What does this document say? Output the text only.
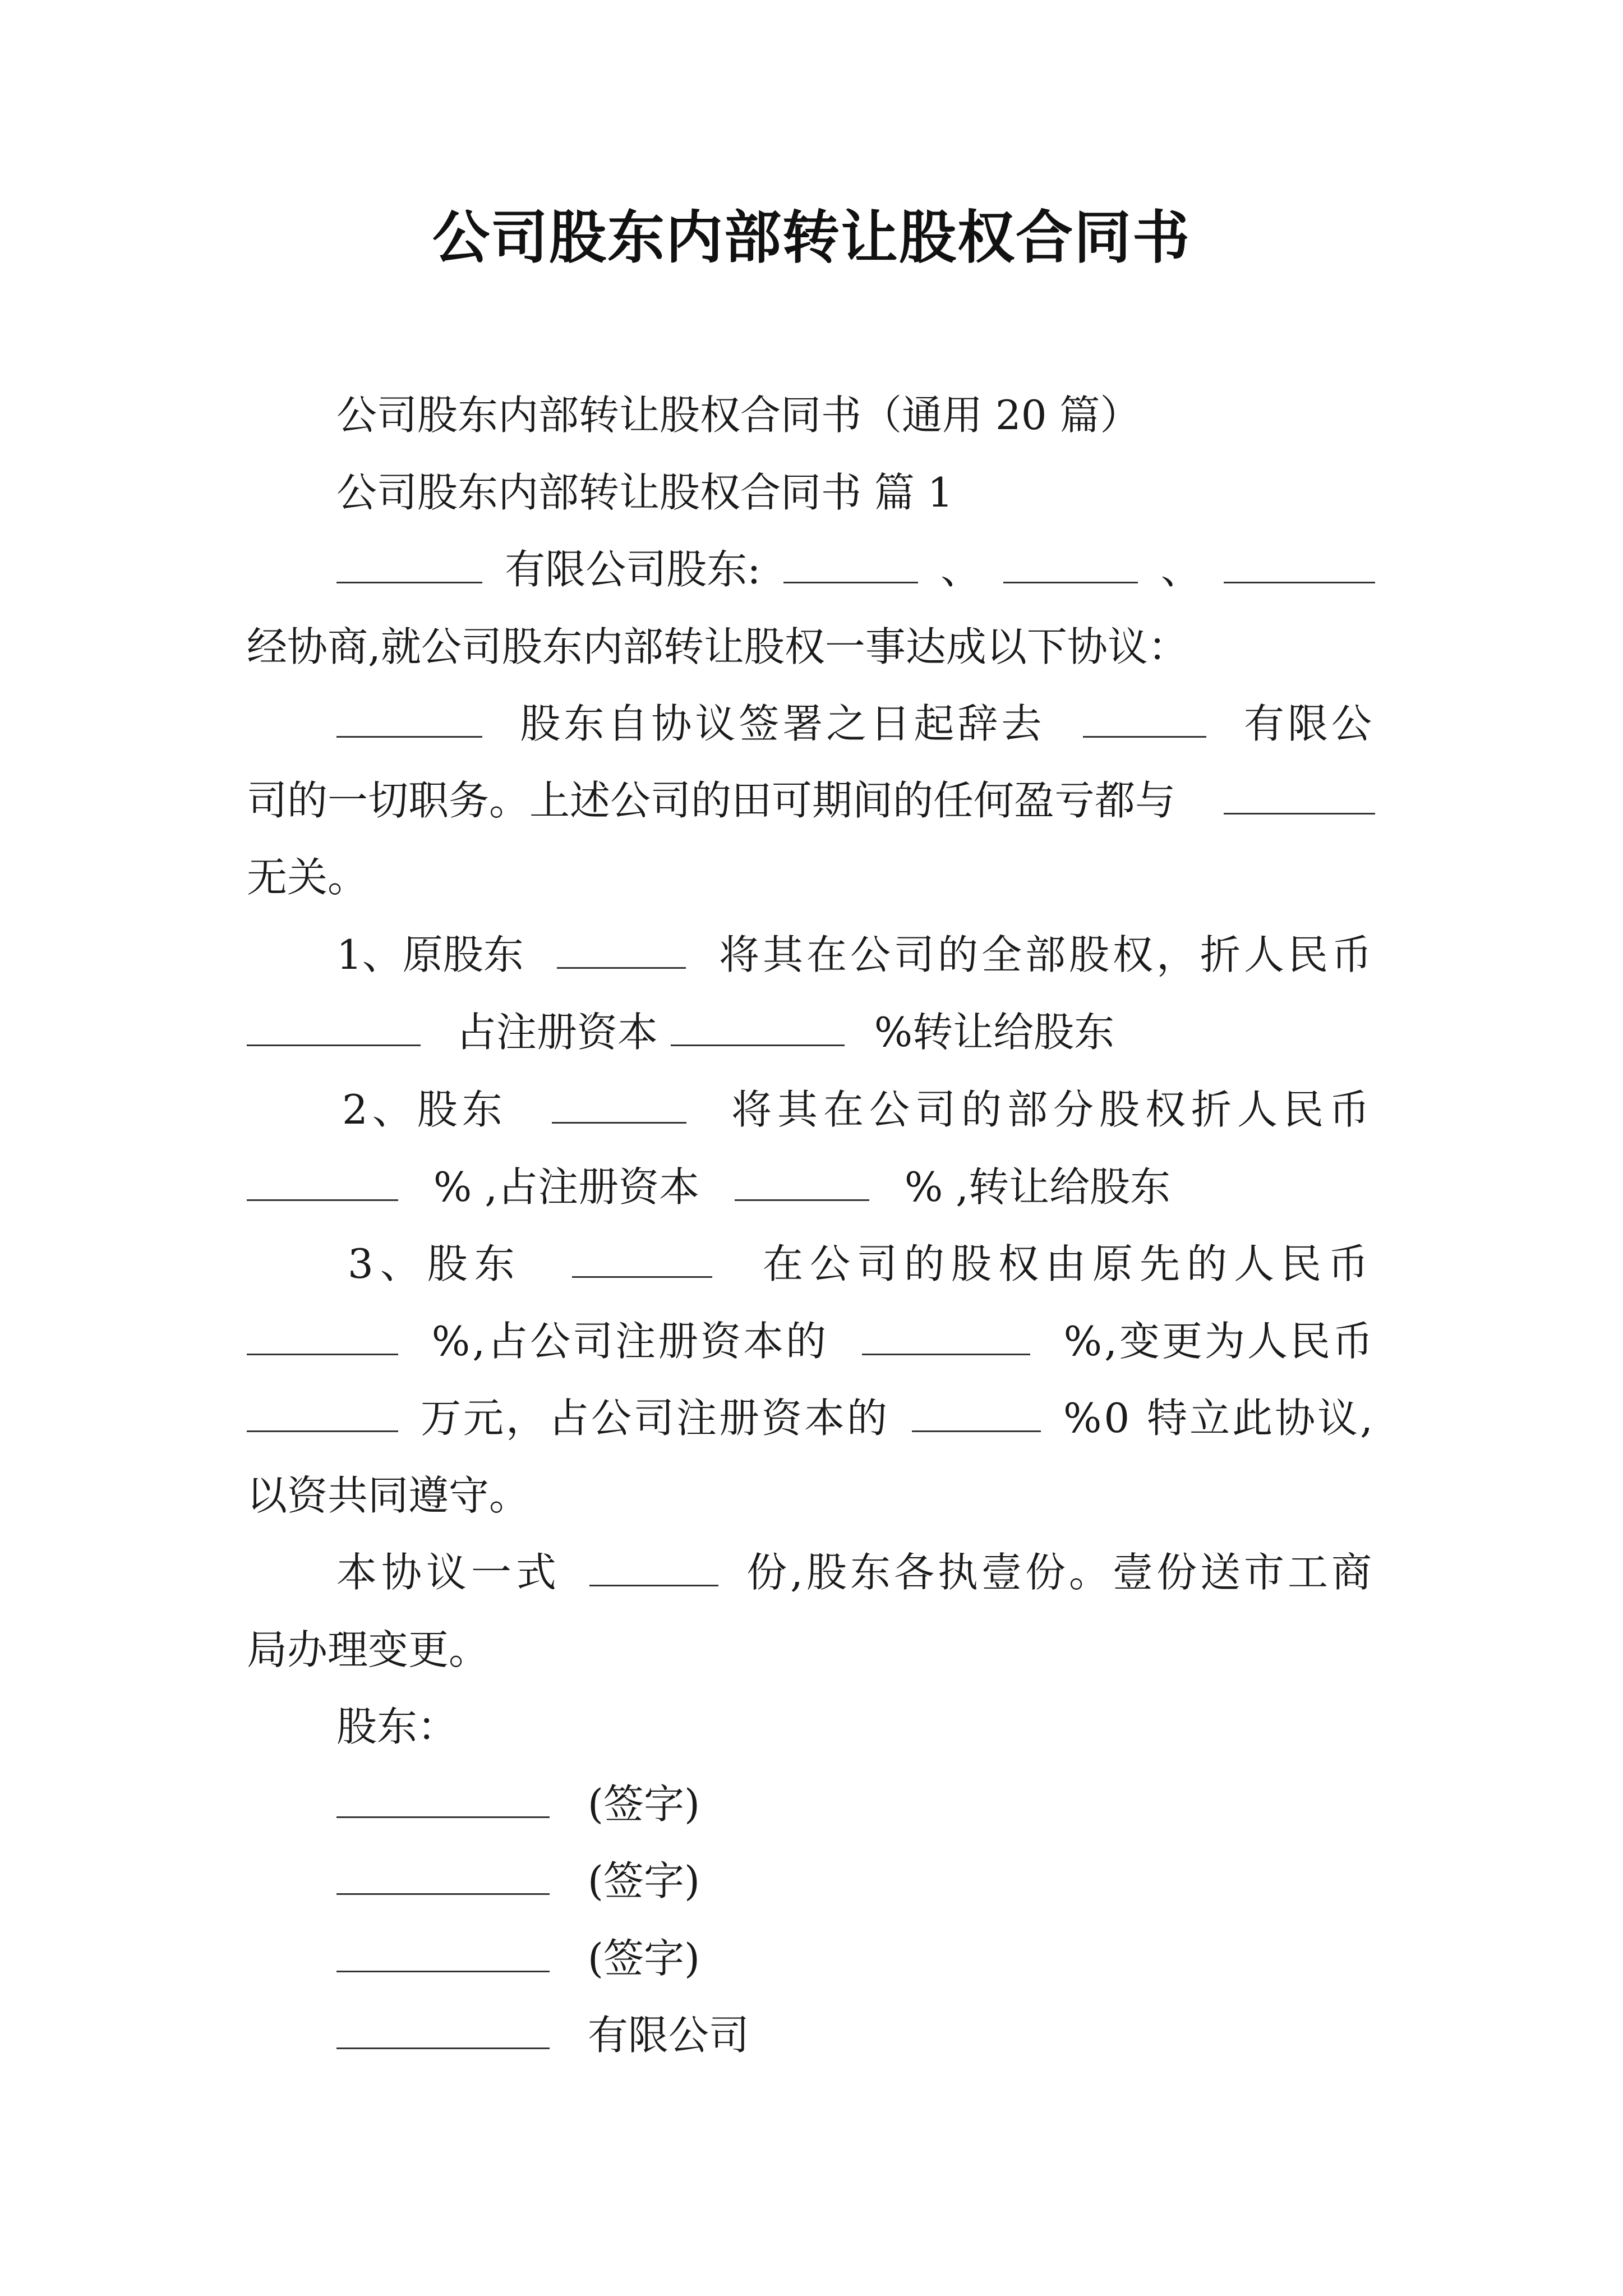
公司股东内部转让股权合同书
公司股东内部转让股权合同书（通用 20 篇）
公司股东内部转让股权合同书 篇 1
有限公司股东:	、	、
经协商,就公司股东内部转让股权一事达成以下协议：
股东自协议签署之日起辞去	有限公
司的一切职务。上述公司的田可期间的任何盈亏都与
无关。
1、原股东	将其在公司的全部股权，折人民币
占注册资本	%转让给股东
2、股东	将其在公司的部分股权折人民币
% ,占注册资本	% ,转让给股东
3、股东	在公司的股权由原先的人民币
%,占公司注册资本的	%,变更为人民币
万元，占公司注册资本的	%0 特立此协议,
以资共同遵守。
本协议一式	份,股东各执壹份。壹份送市工商
局办理变更。
股东：
(签字)
(签字)
(签字)
有限公司
